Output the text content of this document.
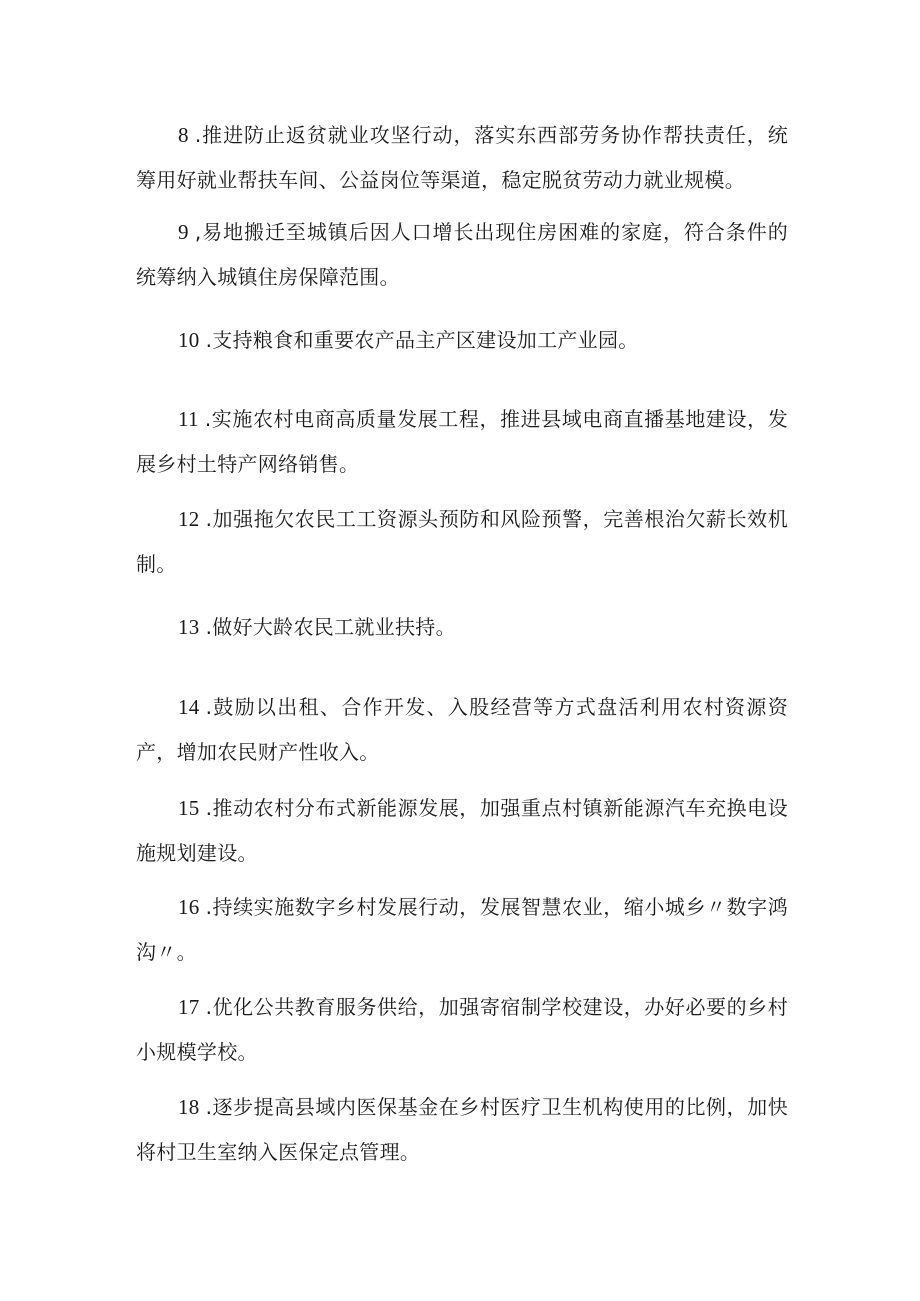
8 .推进防止返贫就业攻坚行动，落实东西部劳务协作帮扶责任，统筹用好就业帮扶车间、公益岗位等渠道，稳定脱贫劳动力就业规模。

9 ,易地搬迁至城镇后因人口增长出现住房困难的家庭，符合条件的统筹纳入城镇住房保障范围。

10 .支持粮食和重要农产品主产区建设加工产业园。

11 .实施农村电商高质量发展工程，推进县域电商直播基地建设，发展乡村土特产网络销售。

12 .加强拖欠农民工工资源头预防和风险预警，完善根治欠薪长效机制。

13 .做好大龄农民工就业扶持。

14 .鼓励以出租、合作开发、入股经营等方式盘活利用农村资源资产，增加农民财产性收入。

15 .推动农村分布式新能源发展，加强重点村镇新能源汽车充换电设施规划建设。

16 .持续实施数字乡村发展行动，发展智慧农业，缩小城乡〃数字鸿沟〃。

17 .优化公共教育服务供给，加强寄宿制学校建设，办好必要的乡村小规模学校。

18 .逐步提高县域内医保基金在乡村医疗卫生机构使用的比例，加快将村卫生室纳入医保定点管理。
